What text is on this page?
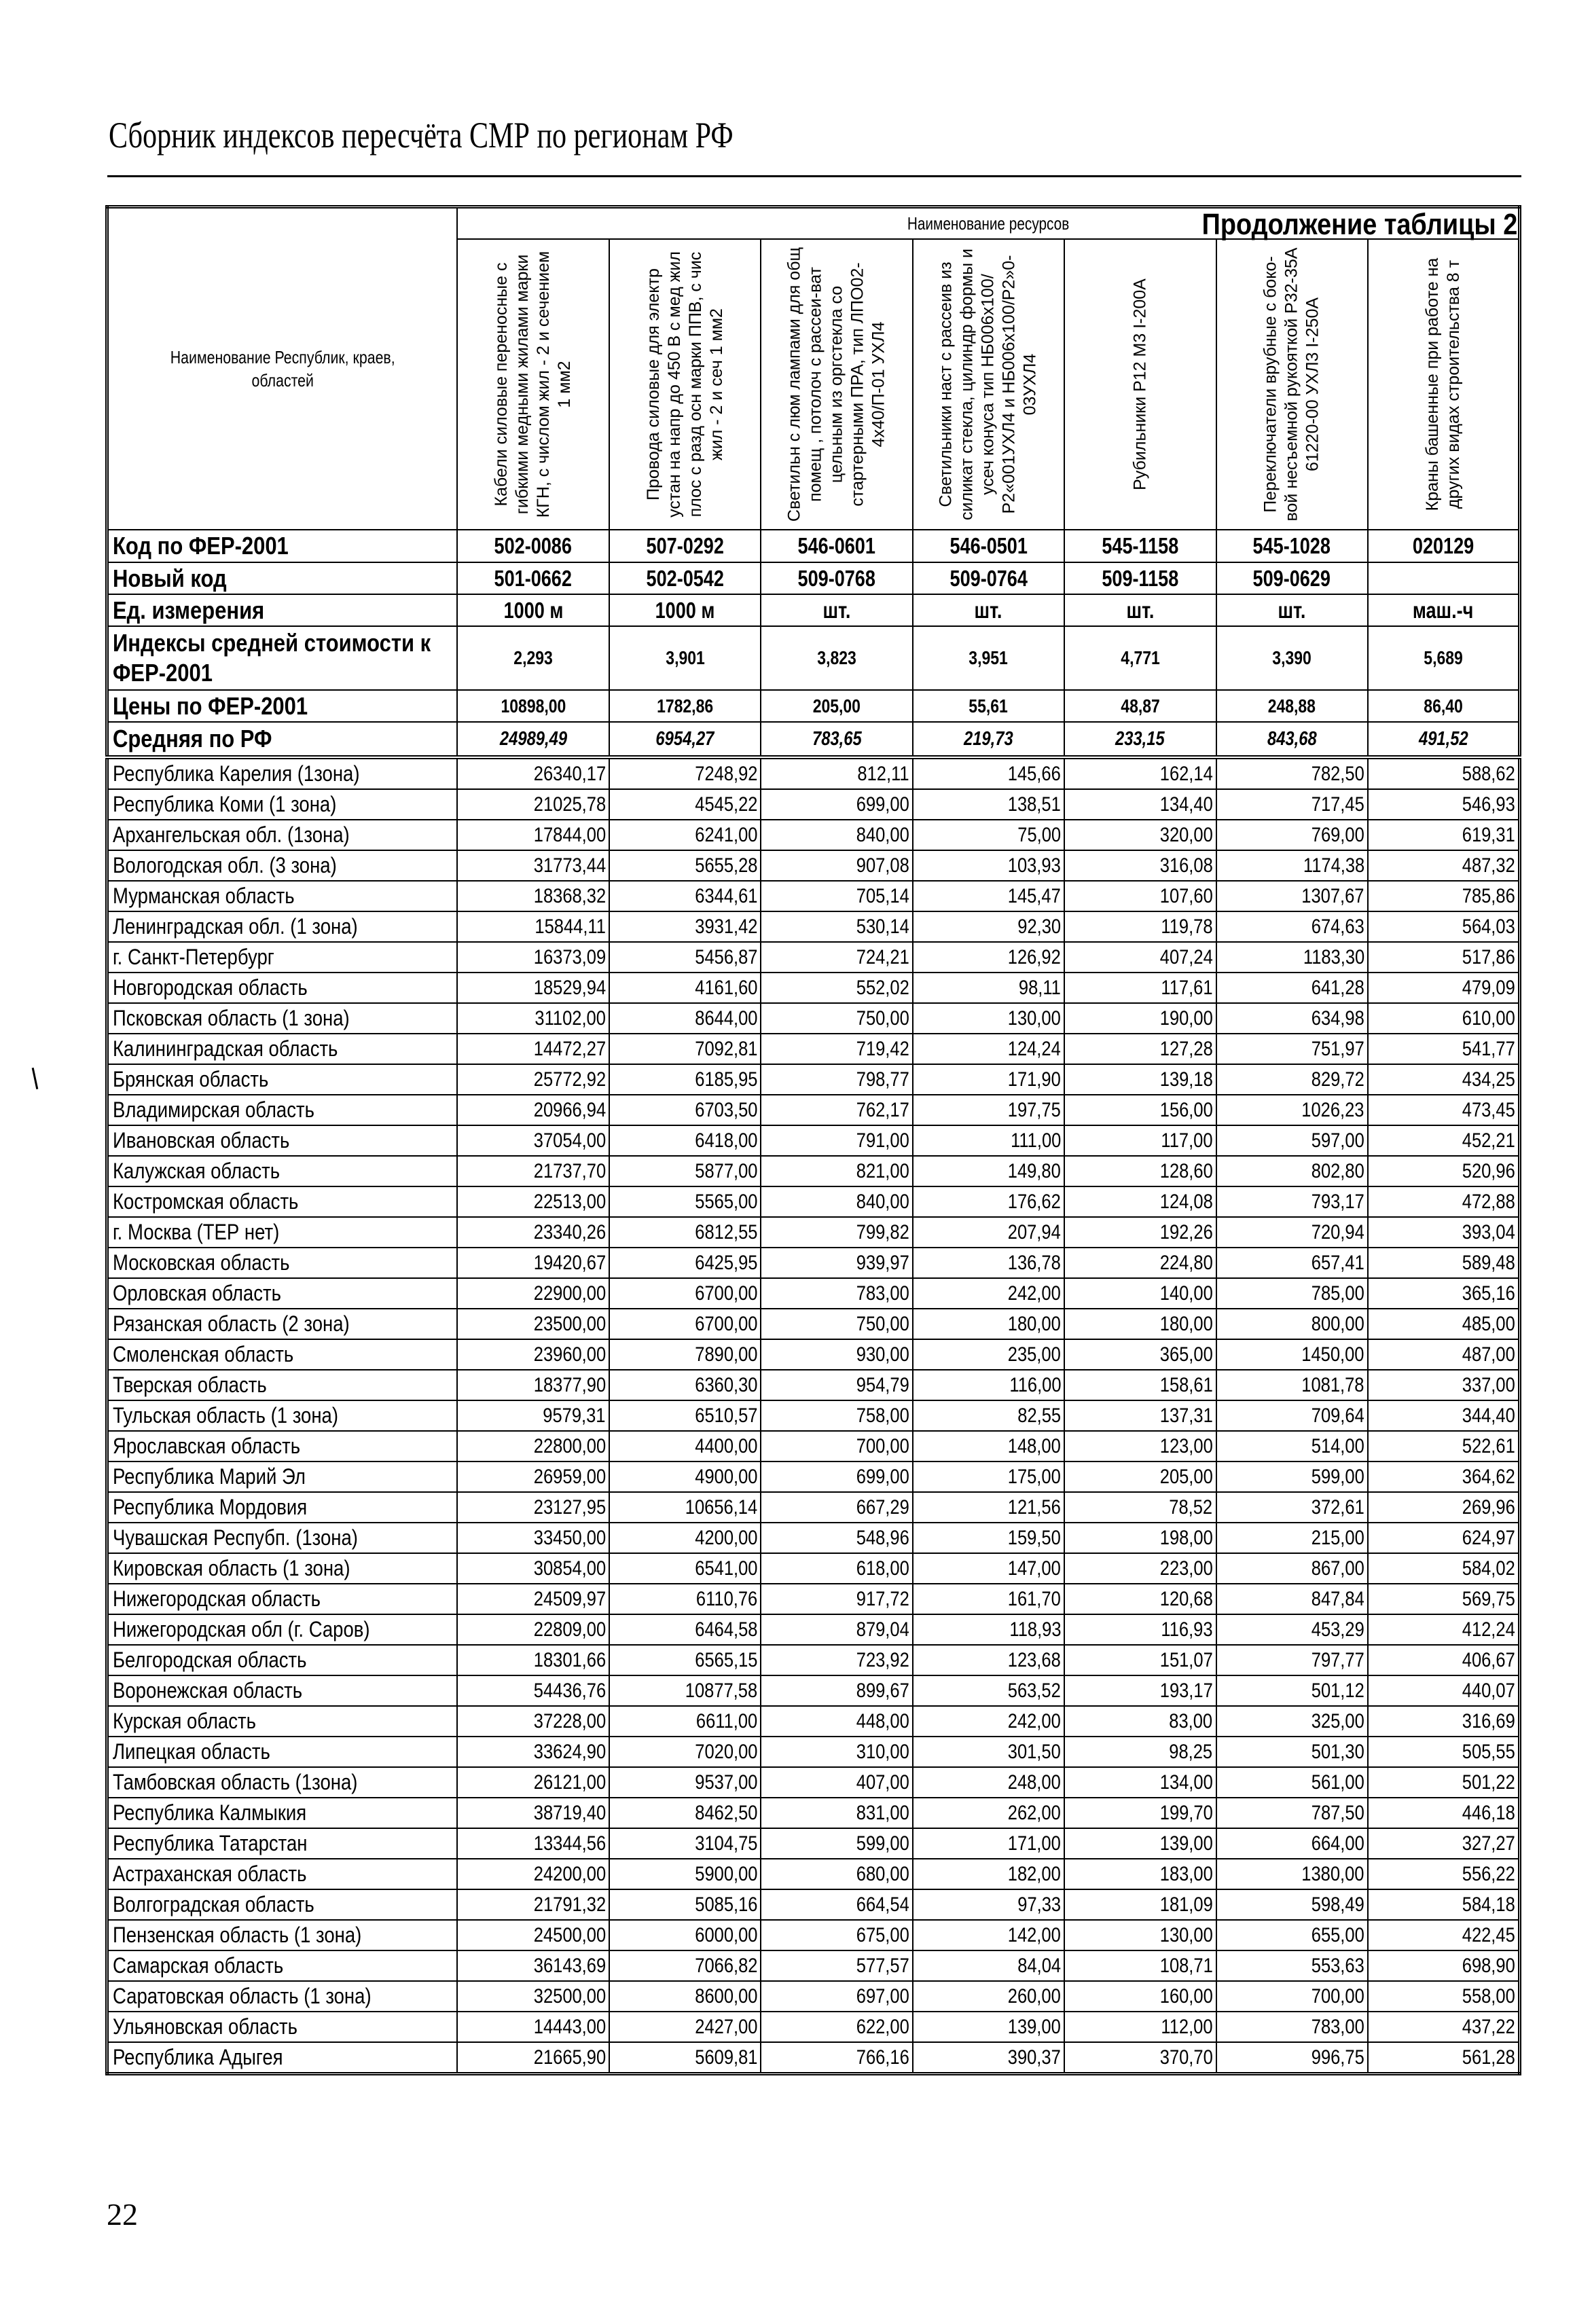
Сборник индексов пересчёта СМР по регионам РФ
Продолжение таблицы 2
Наименование Республик, краев, областей	Наименование ресурсов						

	Кабели силовые переносные с гибкими медными жилами марки КГН, с числом жил - 2 и сечением 1 мм2	Провода силовые для электр устан на напр до 450 В с мед жил плос с разд осн марки ППВ, с чис жил - 2 и сеч 1 мм2	Светильн с люм лампами для общ помещ , потолоч с рассеи-ват цельным из оргстекла со стартерными ПРА, тип ЛПО02-4х40/П-01 УХЛ4	Светильники наст с рассеив из силикат стекла, цилиндр формы и усеч конуса тип НБ006х100/Р2«001УХЛ4 и НБ006х100/Р2»0-03УХЛ4	Рубильники Р12 М3 I-200А	Переключатели врубные с боко-вой несъемной рукояткой Р32-35А 61220-00 УХЛ3 I-250А	Краны башенные при работе на других видах строительства 8 т

Код по ФЕР-2001	502-0086	507-0292	546-0601	546-0501	545-1158	545-1028	020129
Новый код	501-0662	502-0542	509-0768	509-0764	509-1158	509-0629	
Ед. измерения	1000 м	1000 м	шт.	шт.	шт.	шт.	маш.-ч
Индексы средней стоимости к ФЕР-2001	2,293	3,901	3,823	3,951	4,771	3,390	5,689
Цены по ФЕР-2001	10898,00	1782,86	205,00	55,61	48,87	248,88	86,40
Средняя по РФ	24989,49	6954,27	783,65	219,73	233,15	843,68	491,52
Республика Карелия (1зона)	26340,17	7248,92	812,11	145,66	162,14	782,50	588,62
Республика Коми (1 зона)	21025,78	4545,22	699,00	138,51	134,40	717,45	546,93
Архангельская обл. (1зона)	17844,00	6241,00	840,00	75,00	320,00	769,00	619,31
Вологодская обл. (3 зона)	31773,44	5655,28	907,08	103,93	316,08	1174,38	487,32
Мурманская область	18368,32	6344,61	705,14	145,47	107,60	1307,67	785,86
Ленинградская обл. (1 зона)	15844,11	3931,42	530,14	92,30	119,78	674,63	564,03
г. Санкт-Петербург	16373,09	5456,87	724,21	126,92	407,24	1183,30	517,86
Новгородская область	18529,94	4161,60	552,02	98,11	117,61	641,28	479,09
Псковская область (1 зона)	31102,00	8644,00	750,00	130,00	190,00	634,98	610,00
Калининградская область	14472,27	7092,81	719,42	124,24	127,28	751,97	541,77
Брянская область	25772,92	6185,95	798,77	171,90	139,18	829,72	434,25
Владимирская область	20966,94	6703,50	762,17	197,75	156,00	1026,23	473,45
Ивановская область	37054,00	6418,00	791,00	111,00	117,00	597,00	452,21
Калужская область	21737,70	5877,00	821,00	149,80	128,60	802,80	520,96
Костромская область	22513,00	5565,00	840,00	176,62	124,08	793,17	472,88
г. Москва (ТЕР нет)	23340,26	6812,55	799,82	207,94	192,26	720,94	393,04
Московская область	19420,67	6425,95	939,97	136,78	224,80	657,41	589,48
Орловская область	22900,00	6700,00	783,00	242,00	140,00	785,00	365,16
Рязанская область (2 зона)	23500,00	6700,00	750,00	180,00	180,00	800,00	485,00
Смоленская область	23960,00	7890,00	930,00	235,00	365,00	1450,00	487,00
Тверская область	18377,90	6360,30	954,79	116,00	158,61	1081,78	337,00
Тульская область (1 зона)	9579,31	6510,57	758,00	82,55	137,31	709,64	344,40
Ярославская область	22800,00	4400,00	700,00	148,00	123,00	514,00	522,61
Республика Марий Эл	26959,00	4900,00	699,00	175,00	205,00	599,00	364,62
Республика Мордовия	23127,95	10656,14	667,29	121,56	78,52	372,61	269,96
Чувашская Респубп. (1зона)	33450,00	4200,00	548,96	159,50	198,00	215,00	624,97
Кировская область (1 зона)	30854,00	6541,00	618,00	147,00	223,00	867,00	584,02
Нижегородская область	24509,97	6110,76	917,72	161,70	120,68	847,84	569,75
Нижегородская обл (г. Саров)	22809,00	6464,58	879,04	118,93	116,93	453,29	412,24
Белгородская область	18301,66	6565,15	723,92	123,68	151,07	797,77	406,67
Воронежская область	54436,76	10877,58	899,67	563,52	193,17	501,12	440,07
Курская область	37228,00	6611,00	448,00	242,00	83,00	325,00	316,69
Липецкая область	33624,90	7020,00	310,00	301,50	98,25	501,30	505,55
Тамбовская область (1зона)	26121,00	9537,00	407,00	248,00	134,00	561,00	501,22
Республика Калмыкия	38719,40	8462,50	831,00	262,00	199,70	787,50	446,18
Республика Татарстан	13344,56	3104,75	599,00	171,00	139,00	664,00	327,27
Астраханская область	24200,00	5900,00	680,00	182,00	183,00	1380,00	556,22
Волгоградская область	21791,32	5085,16	664,54	97,33	181,09	598,49	584,18
Пензенская область (1 зона)	24500,00	6000,00	675,00	142,00	130,00	655,00	422,45
Самарская область	36143,69	7066,82	577,57	84,04	108,71	553,63	698,90
Саратовская область (1 зона)	32500,00	8600,00	697,00	260,00	160,00	700,00	558,00
Ульяновская область	14443,00	2427,00	622,00	139,00	112,00	783,00	437,22
Республика Адыгея	21665,90	5609,81	766,16	390,37	370,70	996,75	561,28
22
